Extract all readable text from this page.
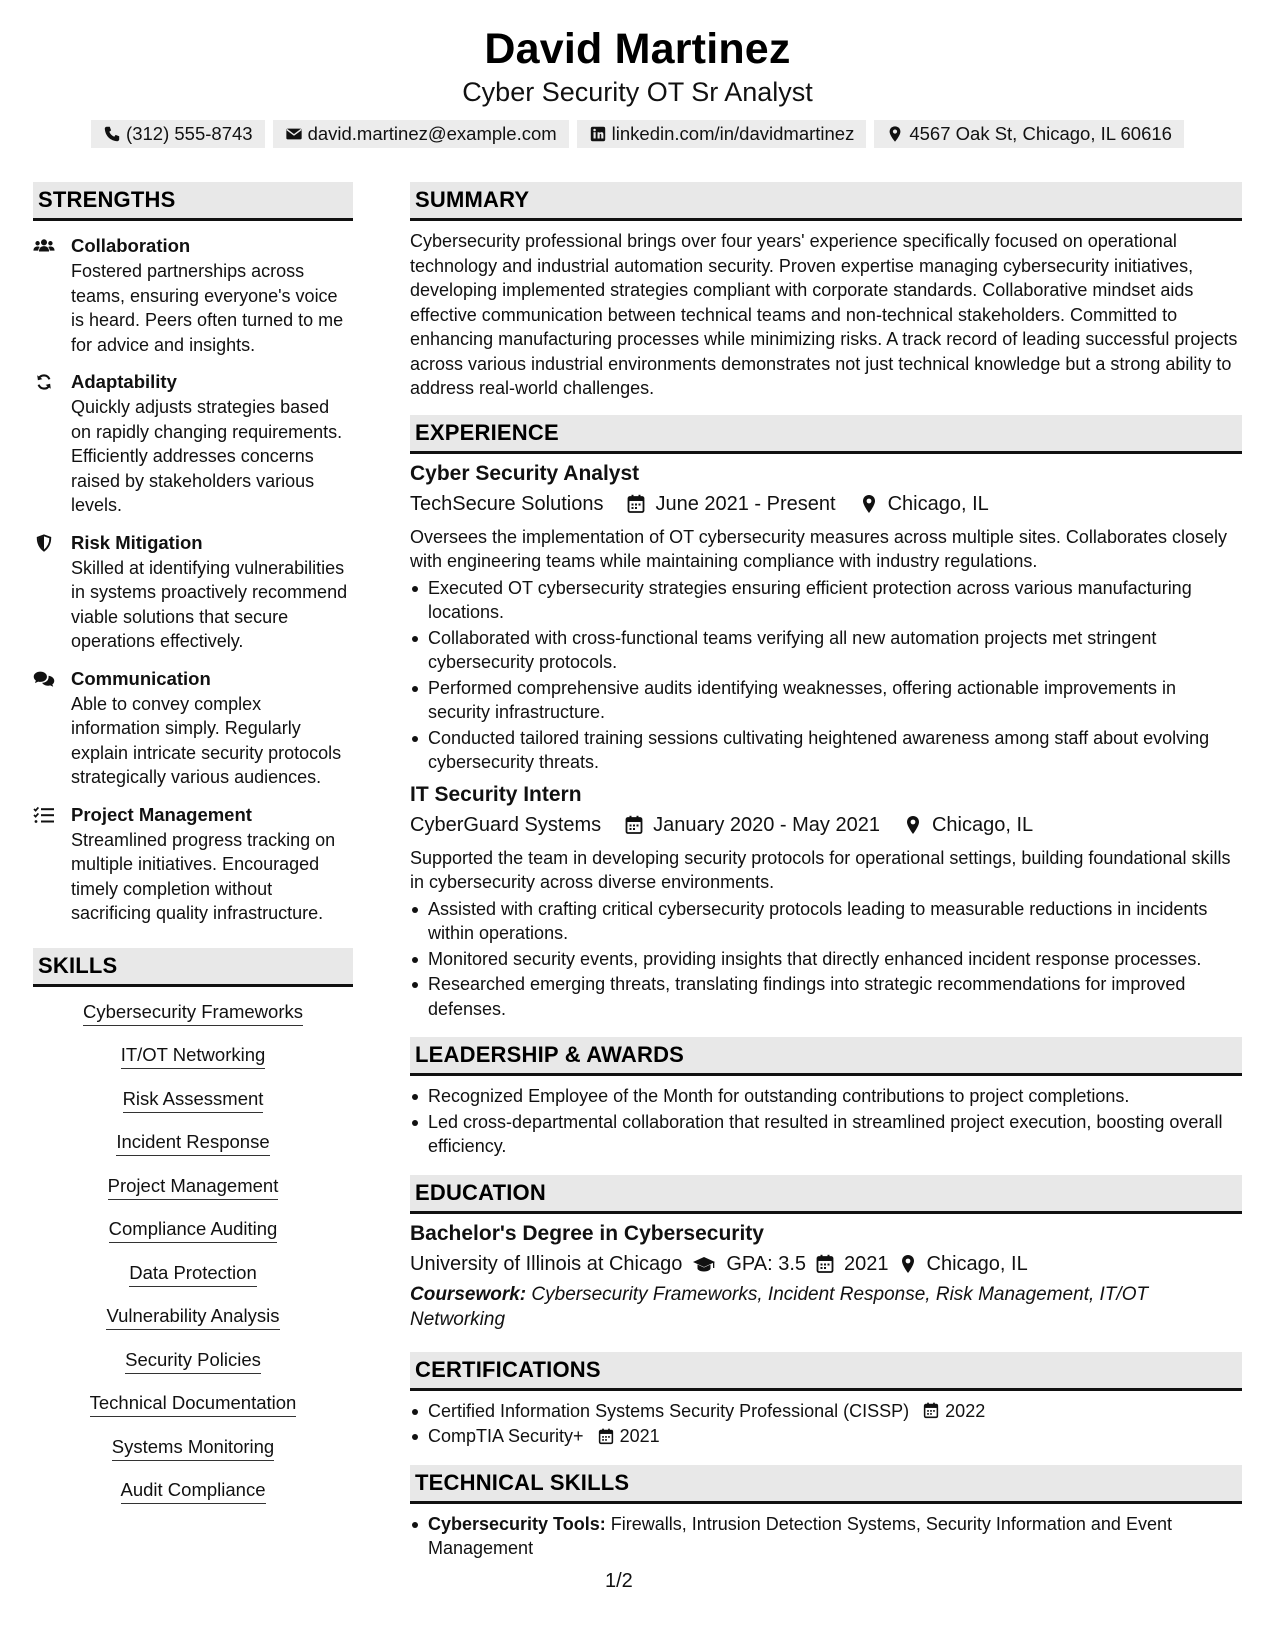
David Martinez
Cyber Security OT Sr Analyst
(312) 555-8743	david.martinez@example.com	linkedin.com/in/davidmartinez	4567 Oak St, Chicago, IL 60616
STRENGTHS
Collaboration
Fostered partnerships across teams, ensuring everyone's voice is heard. Peers often turned to me for advice and insights.
Adaptability
Quickly adjusts strategies based on rapidly changing requirements. Efficiently addresses concerns raised by stakeholders various levels.
Risk Mitigation
Skilled at identifying vulnerabilities in systems proactively recommend viable solutions that secure operations effectively.
Communication
Able to convey complex information simply. Regularly explain intricate security protocols strategically various audiences.
Project Management
Streamlined progress tracking on multiple initiatives. Encouraged timely completion without sacrificing quality infrastructure.
SKILLS
Cybersecurity Frameworks
IT/OT Networking
Risk Assessment
Incident Response
Project Management
Compliance Auditing
Data Protection
Vulnerability Analysis
Security Policies
Technical Documentation
Systems Monitoring
Audit Compliance
SUMMARY
Cybersecurity professional brings over four years' experience specifically focused on operational technology and industrial automation security. Proven expertise managing cybersecurity initiatives, developing implemented strategies compliant with corporate standards. Collaborative mindset aids effective communication between technical teams and non-technical stakeholders. Committed to enhancing manufacturing processes while minimizing risks. A track record of leading successful projects across various industrial environments demonstrates not just technical knowledge but a strong ability to address real-world challenges.
EXPERIENCE
Cyber Security Analyst
TechSecure Solutions	June 2021 - Present	Chicago, IL
Oversees the implementation of OT cybersecurity measures across multiple sites. Collaborates closely with engineering teams while maintaining compliance with industry regulations.
Executed OT cybersecurity strategies ensuring efficient protection across various manufacturing locations.
Collaborated with cross-functional teams verifying all new automation projects met stringent cybersecurity protocols.
Performed comprehensive audits identifying weaknesses, offering actionable improvements in security infrastructure.
Conducted tailored training sessions cultivating heightened awareness among staff about evolving cybersecurity threats.
IT Security Intern
CyberGuard Systems	January 2020 - May 2021	Chicago, IL
Supported the team in developing security protocols for operational settings, building foundational skills in cybersecurity across diverse environments.
Assisted with crafting critical cybersecurity protocols leading to measurable reductions in incidents within operations.
Monitored security events, providing insights that directly enhanced incident response processes.
Researched emerging threats, translating findings into strategic recommendations for improved defenses.
LEADERSHIP & AWARDS
Recognized Employee of the Month for outstanding contributions to project completions.
Led cross-departmental collaboration that resulted in streamlined project execution, boosting overall efficiency.
EDUCATION
Bachelor's Degree in Cybersecurity
University of Illinois at Chicago GPA: 3.5 2021 Chicago, IL
Coursework: Cybersecurity Frameworks, Incident Response, Risk Management, IT/OT Networking
CERTIFICATIONS
Certified Information Systems Security Professional (CISSP) 2022
CompTIA Security+ 2021
TECHNICAL SKILLS
Cybersecurity Tools: Firewalls, Intrusion Detection Systems, Security Information and Event Management
1/2
